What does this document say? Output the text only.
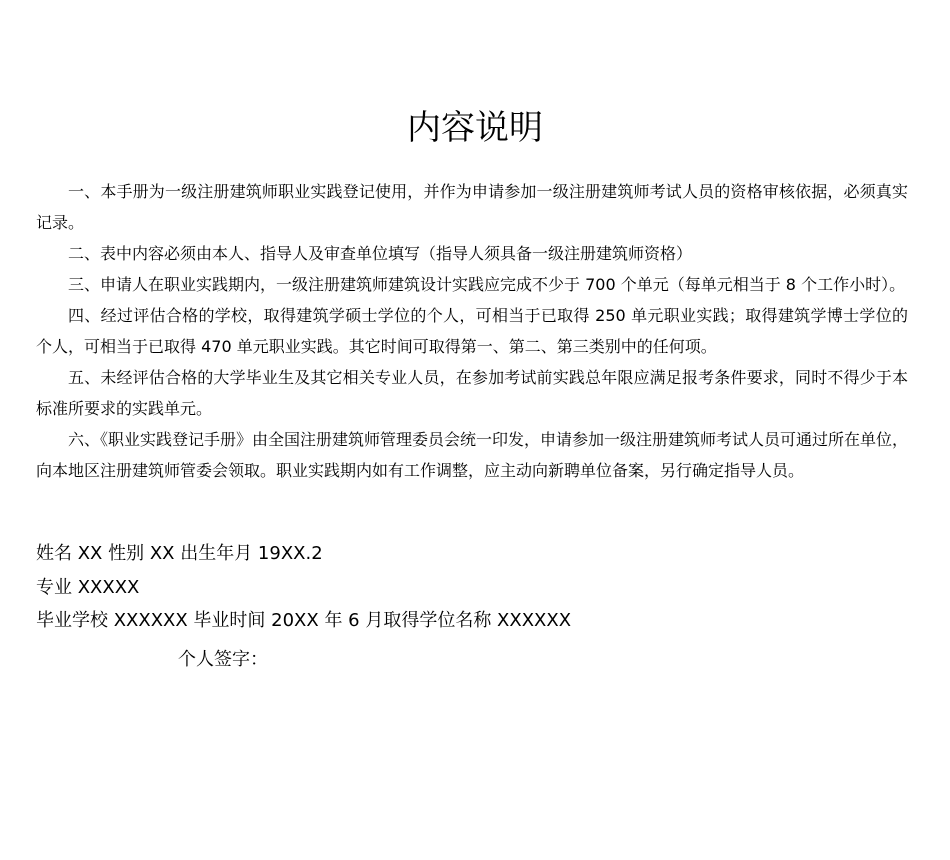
内容说明

一、本手册为一级注册建筑师职业实践登记使用，并作为申请参加一级注册建筑师考试人员的资格审核依据，必须真实记录。

二、表中内容必须由本人、指导人及审查单位填写（指导人须具备一级注册建筑师资格）

三、申请人在职业实践期内，一级注册建筑师建筑设计实践应完成不少于 700 个单元（每单元相当于 8 个工作小时）。

四、经过评估合格的学校，取得建筑学硕士学位的个人，可相当于已取得 250 单元职业实践；取得建筑学博士学位的个人，可相当于已取得 470 单元职业实践。其它时间可取得第一、第二、第三类别中的任何项。

五、未经评估合格的大学毕业生及其它相关专业人员，在参加考试前实践总年限应满足报考条件要求，同时不得少于本标准所要求的实践单元。

六、《职业实践登记手册》由全国注册建筑师管理委员会统一印发，申请参加一级注册建筑师考试人员可通过所在单位，向本地区注册建筑师管委会领取。职业实践期内如有工作调整，应主动向新聘单位备案，另行确定指导人员。

姓名 XX 性别 XX 出生年月 19XX.2
专业 XXXXX
毕业学校 XXXXXX 毕业时间 20XX 年 6 月取得学位名称 XXXXXX
个人签字：
